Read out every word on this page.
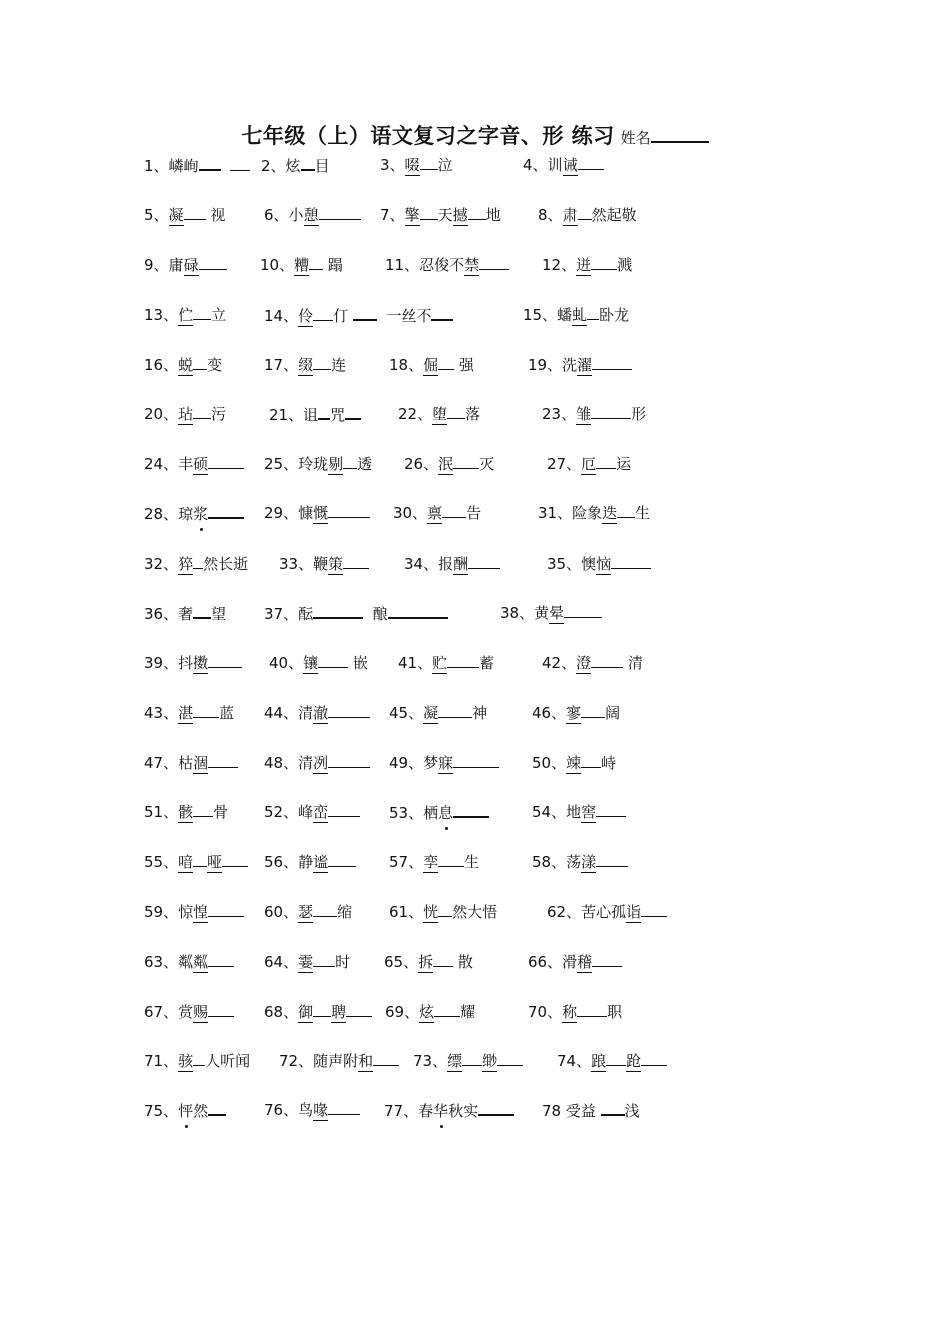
七年级（上）语文复习之字音、形 练习 姓名
1、嶙峋	2、炫 目	3、啜 泣	4、训诫
5、凝 视	6、小憩	7、擎 天撼 地 8、肃 然起敬
9、庸碌	10、糟 蹋	11、忍俊不禁	12、迸 溅
13、伫 立	14、伶 仃	一丝不	15、蟠虬 卧龙
16、蜕 变	17、缀 连	18、倔 强	19、洗濯
20、玷 污	21、诅 咒	22、堕 落	23、雏	形
24、丰硕	25、玲珑剔 透 26、泯 灭	27、厄 运
28、琼浆	29、慷慨	30、禀 告	31、险象迭 生
32、猝 然长逝 33、鞭策	34、报酬	35、懊恼
36、奢 望	37、酝	酿	38、黄晕
39、抖擞	40、镶 嵌 41、贮 蓄	42、澄 清
43、湛 蓝 44、清澈	45、凝 神	46、寥 阔
47、枯涸	48、清冽	49、梦寐	50、竦 峙
51、骸 骨 52、峰峦	53、栖息	54、地窖
55、喑 哑	56、静谧	57、孪 生	58、荡漾
59、惊惶	60、瑟 缩 61、恍 然大悟	62、苦心孤诣
63、粼粼	64、霎 时 65、拆 散	66、滑稽
67、赏赐	68、御 聘	69、炫 耀	70、称 职
71、骇 人听闻 72、随声附和	73、缥 缈	74、踉 跄
75、怦然	76、鸟喙	77、春华秋实	78 受益 浅
